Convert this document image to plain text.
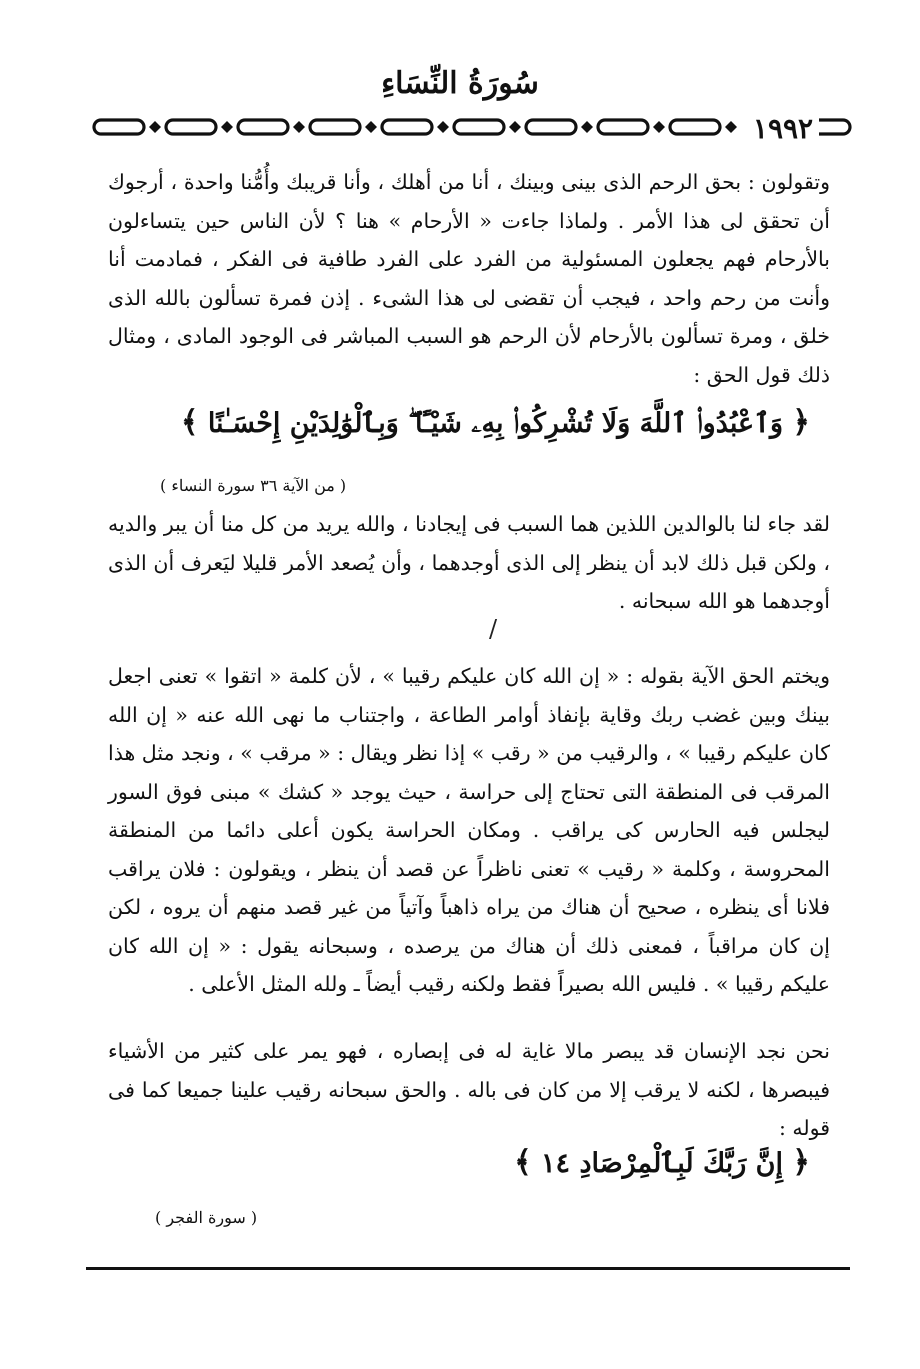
سُورَةُ النِّسَاءِ
١٩٩٢

وتقولون : بحق الرحم الذى بينى وبينك ، أنا من أهلك ، وأنا قريبك وأُمُّنا واحدة ، أرجوك أن تحقق لى هذا الأمر . ولماذا جاءت « الأرحام » هنا ؟ لأن الناس حين يتساءلون بالأرحام فهم يجعلون المسئولية من الفرد على الفرد طافية فى الفكر ، فمادمت أنا وأنت من رحم واحد ، فيجب أن تقضى لى هذا الشىء . إذن فمرة تسألون بالله الذى خلق ، ومرة تسألون بالأرحام لأن الرحم هو السبب المباشر فى الوجود المادى ، ومثال ذلك قول الحق :

﴿ وَٱعْبُدُوا۟ ٱللَّهَ وَلَا تُشْرِكُوا۟ بِهِۦ شَيْـًٔا ۖ وَبِٱلْوَٰلِدَيْنِ إِحْسَـٰنًا ﴾
( من الآية ٣٦ سورة النساء )

لقد جاء لنا بالوالدين اللذين هما السبب فى إيجادنا ، والله يريد من كل منا أن يبر والديه ، ولكن قبل ذلك لابد أن ينظر إلى الذى أوجدهما ، وأن يُصعد الأمر قليلا ليَعرف أن الذى أوجدهما هو الله سبحانه .

/

ويختم الحق الآية بقوله : « إن الله كان عليكم رقيبا » ، لأن كلمة « اتقوا » تعنى اجعل بينك وبين غضب ربك وقاية بإنفاذ أوامر الطاعة ، واجتناب ما نهى الله عنه « إن الله كان عليكم رقيبا » ، والرقيب من « رقب » إذا نظر ويقال : « مرقب » ، ونجد مثل هذا المرقب فى المنطقة التى تحتاج إلى حراسة ، حيث يوجد « كشك » مبنى فوق السور ليجلس فيه الحارس كى يراقب . ومكان الحراسة يكون أعلى دائما من المنطقة المحروسة ، وكلمة « رقيب » تعنى ناظراً عن قصد أن ينظر ، ويقولون : فلان يراقب فلانا أى ينظره ، صحيح أن هناك من يراه ذاهباً وآتياً من غير قصد منهم أن يروه ، لكن إن كان مراقباً ، فمعنى ذلك أن هناك من يرصده ، وسبحانه يقول : « إن الله كان عليكم رقيبا » . فليس الله بصيراً فقط ولكنه رقيب أيضاً ـ ولله المثل الأعلى .

نحن نجد الإنسان قد يبصر مالا غاية له فى إبصاره ، فهو يمر على كثير من الأشياء فيبصرها ، لكنه لا يرقب إلا من كان فى باله . والحق سبحانه رقيب علينا جميعا كما فى قوله :

﴿ إِنَّ رَبَّكَ لَبِٱلْمِرْصَادِ ١٤ ﴾
( سورة الفجر )
